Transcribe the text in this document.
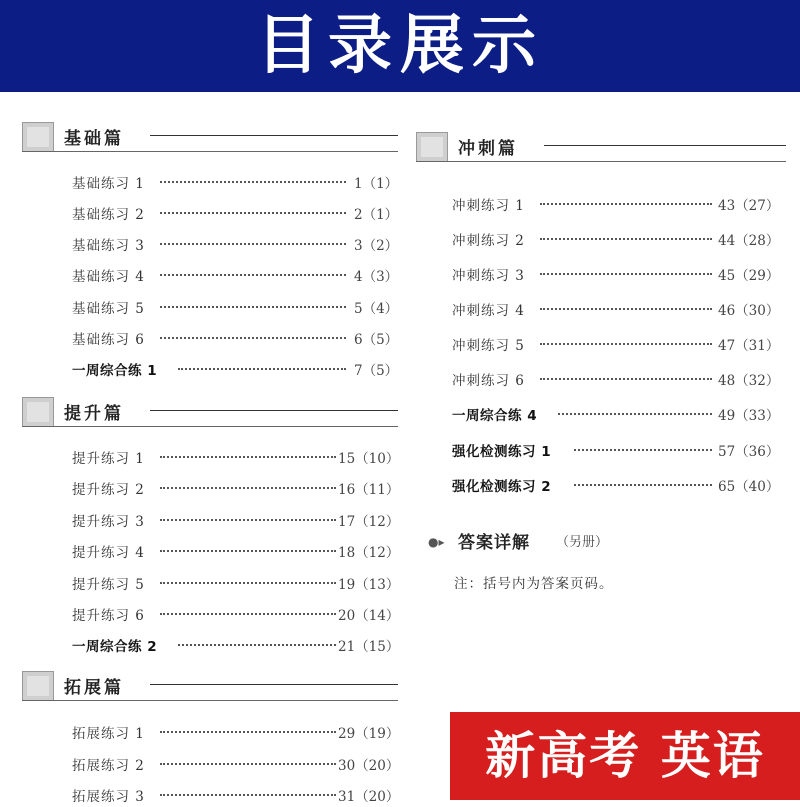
目录展示
基础篇
基础练习 1	1（1）
基础练习 2	2（1）
基础练习 3	3（2）
基础练习 4	4（3）
基础练习 5	5（4）
基础练习 6	6（5）
一周综合练 1	7（5）
提升篇
提升练习 1	15（10）
提升练习 2	16（11）
提升练习 3	17（12）
提升练习 4	18（12）
提升练习 5	19（13）
提升练习 6	20（14）
一周综合练 2	21（15）
拓展篇
拓展练习 1	29（19）
拓展练习 2	30（20）
拓展练习 3	31（20）
冲刺篇
冲刺练习 1	43（27）
冲刺练习 2	44（28）
冲刺练习 3	45（29）
冲刺练习 4	46（30）
冲刺练习 5	47（31）
冲刺练习 6	48（32）
一周综合练 4	49（33）
强化检测练习 1	57（36）
强化检测练习 2	65（40）
●▸ 答案详解 （另册）
注：括号内为答案页码。
新高考 英语
